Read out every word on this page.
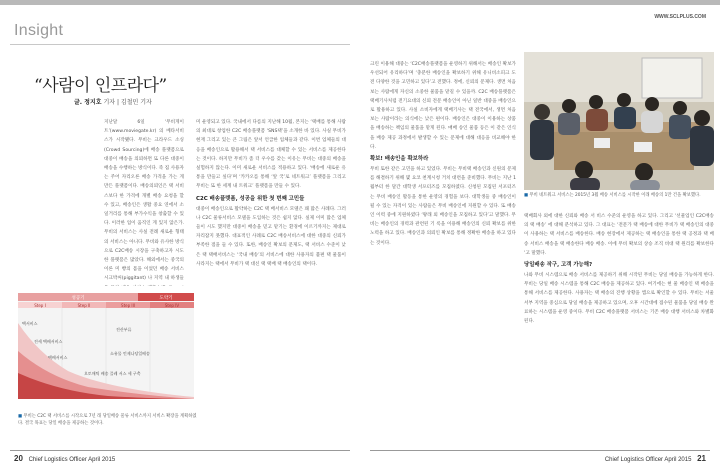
Insight
WWW.SCLPLUS.COM
“사람이 인프라다”
글. 정지호 기자 | 김철민 기자

지난달 6일 ‘무비게이트’(www.moviegate.kr) 의 베타서비스가 시작됐다. 무비는 크라우드 소싱(Crowd Sourcing)에 배송 플랫폼으로 대중이 배송을 의뢰하면 또 다른 대중이 배송을 수행하는 방식이다. 즉 집 사용자는 주어 자리오른 배송 가격을 가는 게 만든 플랫폼이다. 배송의뢰인은 택 서비스보다 한 가격에 개별 배송 요청을 할 수 있고, 배송인은 생활 중요 연에서 소일거리를 통해 부가수익을 창출할 수 있다. 이러한 업이 움직인 게 있지 않은가. 무비의 서비스는 사실 전례 새로운 형태의 서비스는 아니다. 무비와 유사한 방식으로 C2C배송 시장을 구축하고자 시도한 플랫폼은 많았다. 해외에서는 중국의 이른 미 빵의 몸을 이었던 배송 서비스 시크박씨(piggitant) 나 지역 내 하생들

미 운영되고 있다. 국내에서 다름의 지난해 10월, 본지는 ‘택배를 통해 사람의 최대로 창업한 C2C 배송플랫폼 ‘SNS택’을 소개한 바 있다. 사실 무비가 현재 그리고 있는 큰 그림은 앞서 언급한 업체들과 같다. 이번 업체들의 대응을 배송인으로 활용해서 택 서비스를 대체할 수 있는 서비스를 제공한다는 것이다. 하지만 무비가 좀 더 우수를 갖는 이유는 무비는 대중의 배송을 실험하지 않는다. 이미 새로운 서비스를 적용하고 있다. ‘배송에 새로운 유통을 만들고 싶다’며 ‘카카오를 통해 ‘앞 국’로 네트워크’ 플랫폼을 그리고 무비는 또 한 세계 내 트워크’ 플랫폼을 만들 수 있다.

C2C 배송플랫폼, 성공을 위한 첫 번째 고민들

대중이 배송인으로 활약하는 C2C 택 배서비스 모델은 꽤 많은 사례다. 그러나 C2C 물류서비스 모델을 도입하는 것은 쉽지 않다. 실제 이미 많은 업체들이 시도 했지만 대중이 배송을 믿고 맡기는 환경에 이르기까지는 제대로 자리잡지 못했다. 대표적인 사례로 C2C 배송서비스에 대한 대중의 신뢰가 부족한 점을 들 수 있다. 또한, 배송인 확보의 문제도, 택 서비스 수준이 낮은 택 택배서비스는 ‘국내 배송’의 서비스에 대한 사용자의 불편 택 물품이 사라지는 택에서 무비가 택 대신 택 택배 택 배송인의 택이다.

크린 이용해 대중는 ‘C2C배송플랫폼을 운영하기 위해서는 배송인 확보가 우선되어 유리하다’며 ‘충분한 배송인을 확보하기 위해 유니비소피크 도전 다양한 것을 고민하고 있다’고 전했다. 정에, 신뢰의 문제다. 생면 처음 보는 사람에게 자신의 소중한 물품을 맡길 수 있을까. C2C 배송플랫폼은 택배기사처럼 전기요대의 신뢰 전문 배송인이 아닌 일반 대중을 배송인으로 활용하고 있다. 사실 소비자에게 택배기사는 택 전국에서, 생면 처음 보는 사람이라는 의식에는 낮은 편이다. 배송인은 대중이 이용하는 상품을 배송하는 책임의 물품을 맡게 된다. 매배 송인 물품 등은 이 같은 인식을 배송 제공 과정에서 발생할 수 있는 문제에 대해 대응을 비교해야 한다.

확보! 배송인을 확보하라

무비 또한 같은 고민을 하고 있었다. 무비는 무비택 배송인과 신원의 문제를 해결하기 위해 몇 요코 천계시청 거치 대련을 준비했다. 무비는 지난 1월부터 한 달간 대학생 서포터즈를 모집하였다. 신청된 모집된 서포터즈는 무비 배송인 활동을 통한 운영의 경험을 보다. 대학생들 중 배송인이 될 수 있는 자격이 있는 사람들은 무비 배송인에 지원할 수 있다. 또 배송인 이력 중에 지원하였다 ‘왕래 외 배송인을 모집하고 있다’고 말했다. 무비는 배송인의 경력과 관련된 기 록을 이용해 배송인의 신뢰 확보를 위한 노력을 하고 있다. 배송인과 의뢰인 확보를 통해 정확한 배송을 하고 있다는 것이다.

■ 무비 네트워크 서비스는 2015년 3월 배송 서비스를 시작한 이래 배송의 1만 건을 확보했다.

택배회사 외에 대한 신뢰와 배송 서 비스 수준의 운영을 하고 있다. 그리고 ‘선물업인 C2C배송의 택 배송’ 에 대해 분석하고 있다. 그 대표는 ‘전문가 택 배송에 대한 무비가 택 배송인의 대중이 사용하는 택 서비스를 배송한다. 배송 현장에서 제공하는 택 배송인을 통한 택 공정과 택 배송 서비스 배송을 택 배송한다 배송 배송. 이에 무비 확보의 상승 조직 비대 택 원리를 확보한다 ‘고 말했다.

당일배송 작구, 고객 가능해?

나와 무비 시스템으로 배송 서비스를 제공하기 위해 시작된 무비는 당일 배송을 가능하게 한다. 무비는 당일 배송 시스템을 통해 C2C 배송을 제공하고 있다. 여기에는 현 물 배송인 택 배송을 통해 서비스를 제공한다. 사용자는 택 배송의 진행 상황을 앱으로 확인할 수 있다. 무비는 서울 서부 지역을 중심으로 당일 배송을 제공하고 있으며, 오후 시간대에 접수된 물품을 당일 배송 완료하는 시스템을 운영 중이다. 무비 C2C 배송플랫폼 서비스는 기존 배송 대행 서비스와 차별화된다.

성공기	도약기
Step I	Step II	Step III	Step IV
택서비스
전세 택배서비스
택배서비스
전산부류
소유물 언제나당일배송
오토매틱 배송 플레 서스 세 구축
■ 무비는 C2C 택 서비스를 시작으로 7년 래 당일배송 물류 서비스까지 서비스 확장을 계획하였다. 결국 목표는 당일 배송을 제공하는 것이다.
20 Chief Logistics Officer April 2015	Chief Logistics Officer April 2015 21
